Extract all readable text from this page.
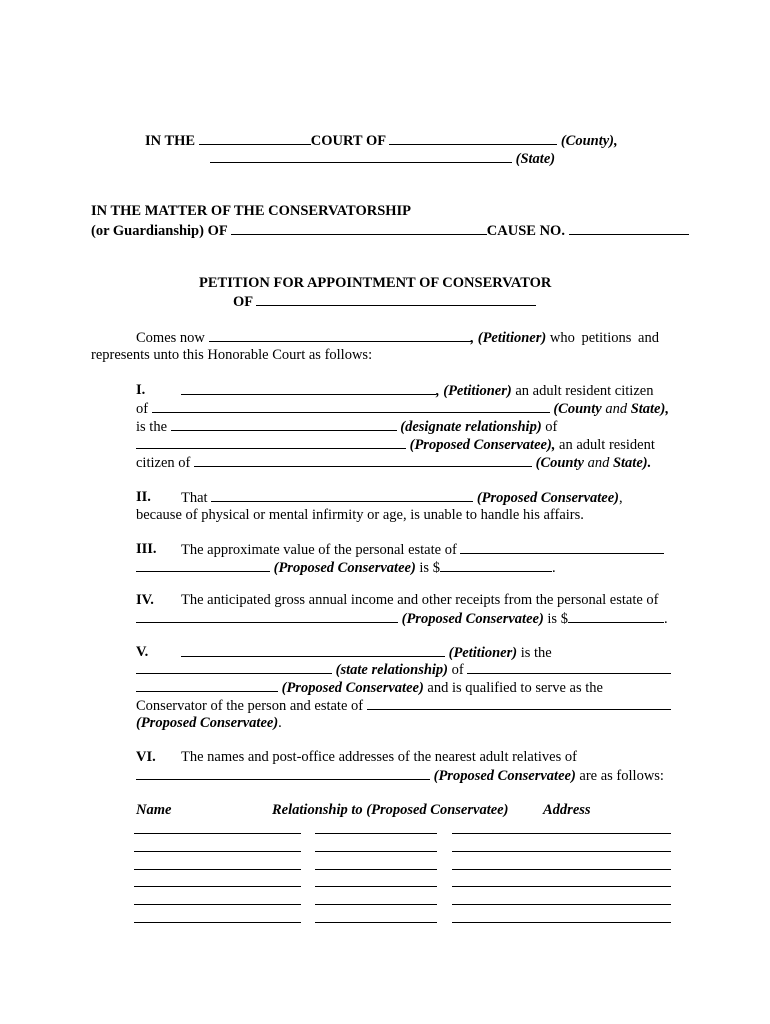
IN THE	COURT OF	(County),
(State)
IN THE MATTER OF THE CONSERVATORSHIP
(or Guardianship) OF	CAUSE NO.
PETITION FOR APPOINTMENT OF CONSERVATOR
OF
Comes now	, (Petitioner) who petitions and
represents unto this Honorable Court as follows:
I.	, (Petitioner) an adult resident citizen
of	(County and State),
is the	(designate relationship) of
(Proposed Conservatee), an adult resident
citizen of	(County and State).
II. That	(Proposed Conservatee),
because of physical or mental infirmity or age, is unable to handle his affairs.
III. The approximate value of the personal estate of
(Proposed Conservatee) is $	.
IV. The anticipated gross annual income and other receipts from the personal estate of
(Proposed Conservatee) is $	.
V.	(Petitioner) is the
(state relationship) of
(Proposed Conservatee) and is qualified to serve as the
Conservator of the person and estate of
(Proposed Conservatee).
VI. The names and post-office addresses of the nearest adult relatives of
(Proposed Conservatee) are as follows:
Name	Relationship to (Proposed Conservatee) Address
